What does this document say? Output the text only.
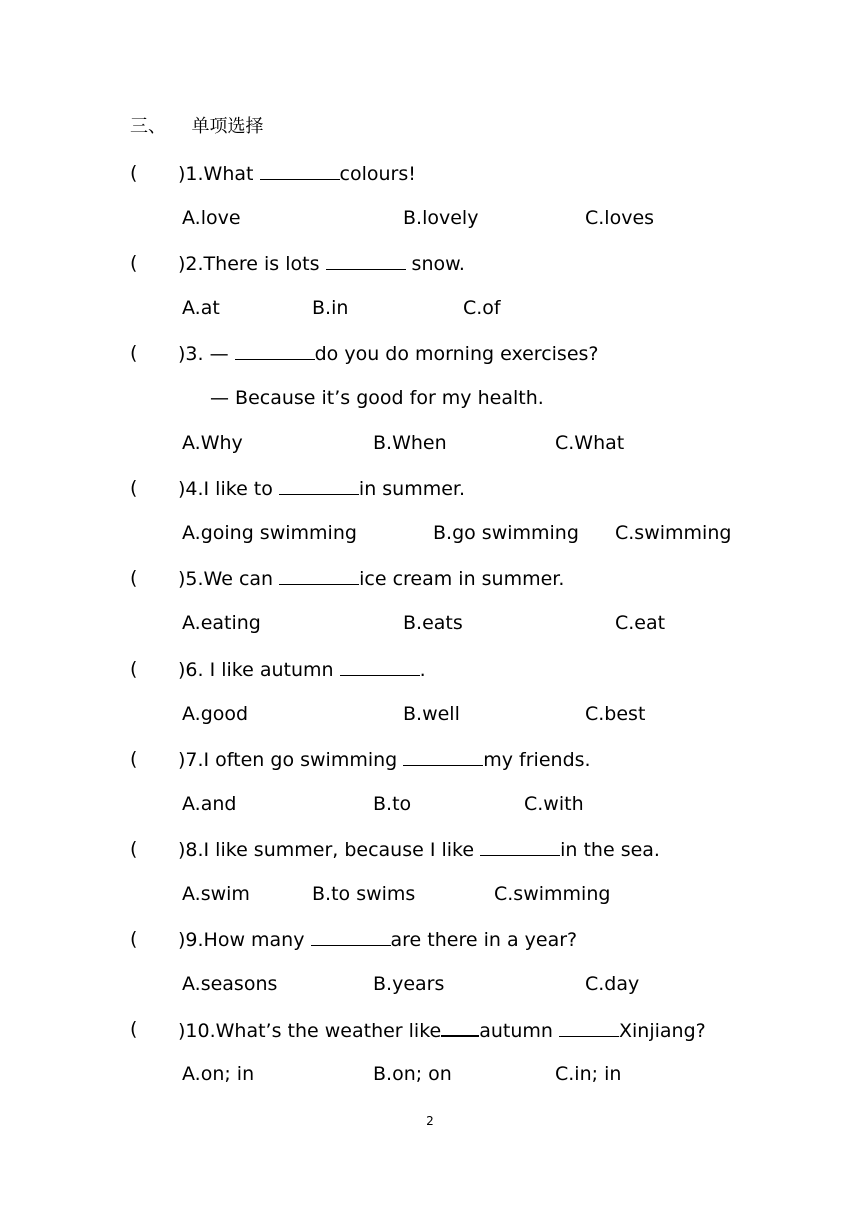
三、 单项选择
( )1.What	colours!
A.love	B.lovely	C.loves
( )2.There is lots	snow.
A.at	B.in	C.of
( )3. —	do you do morning exercises?
— Because it’s good for my health.
A.Why	B.When	C.What
( )4.I like to	in summer.
A.going swimming	B.go swimming C.swimming
( )5.We can	ice cream in summer.
A.eating	B.eats	C.eat
( )6. I like autumn	.
A.good	B.well	C.best
( )7.I often go swimming	my friends.
A.and	B.to	C.with
( )8.I like summer, because I like	in the sea.
A.swim	B.to swims	C.swimming
( )9.How many	are there in a year?
A.seasons	B.years	C.day
( )10.What’s the weather like autumn	Xinjiang?
A.on; in	B.on; on	C.in; in
2
